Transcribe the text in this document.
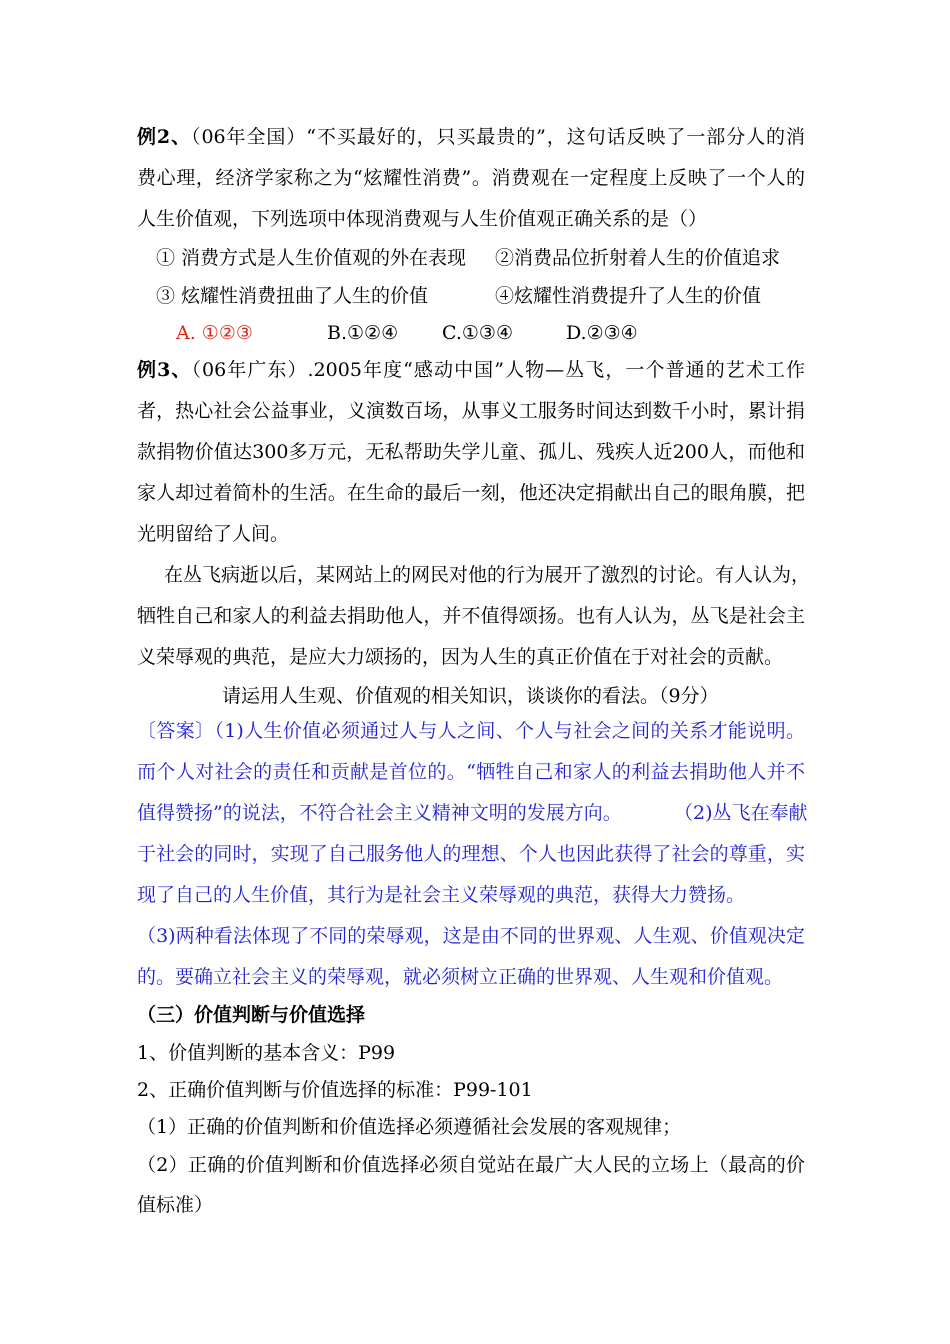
例2、（06年全国）“不买最好的，只买最贵的”，这句话反映了一部分人的消
费心理，经济学家称之为“炫耀性消费”。消费观在一定程度上反映了一个人的
人生价值观，下列选项中体现消费观与人生价值观正确关系的是（）
① 消费方式是人生价值观的外在表现 ②消费品位折射着人生的价值追求
③ 炫耀性消费扭曲了人生的价值	④炫耀性消费提升了人生的价值
A. ①②③	B.①②④ C.①③④	D.②③④
例3、（06年广东）.2005年度“感动中国”人物—丛飞，一个普通的艺术工作
者，热心社会公益事业，义演数百场，从事义工服务时间达到数千小时，累计捐
款捐物价值达300多万元，无私帮助失学儿童、孤儿、残疾人近200人，而他和
家人却过着简朴的生活。在生命的最后一刻，他还决定捐献出自己的眼角膜，把
光明留给了人间。
在丛飞病逝以后，某网站上的网民对他的行为展开了激烈的讨论。有人认为，
牺牲自己和家人的利益去捐助他人，并不值得颂扬。也有人认为，丛飞是社会主
义荣辱观的典范，是应大力颂扬的，因为人生的真正价值在于对社会的贡献。
请运用人生观、价值观的相关知识，谈谈你的看法。（9分）
〔答案〕（1)人生价值必须通过人与人之间、个人与社会之间的关系才能说明。
而个人对社会的责任和贡献是首位的。“牺牲自己和家人的利益去捐助他人并不
值得赞扬”的说法，不符合社会主义精神文明的发展方向。	（2)丛飞在奉献
于社会的同时，实现了自己服务他人的理想、个人也因此获得了社会的尊重，实
现了自己的人生价值，其行为是社会主义荣辱观的典范，获得大力赞扬。
（3)两种看法体现了不同的荣辱观，这是由不同的世界观、人生观、价值观决定
的。要确立社会主义的荣辱观，就必须树立正确的世界观、人生观和价值观。
（三）价值判断与价值选择
1、价值判断的基本含义：P99
2、正确价值判断与价值选择的标准：P99-101
（1）正确的价值判断和价值选择必须遵循社会发展的客观规律；
（2）正确的价值判断和价值选择必须自觉站在最广大人民的立场上（最高的价
值标准）
